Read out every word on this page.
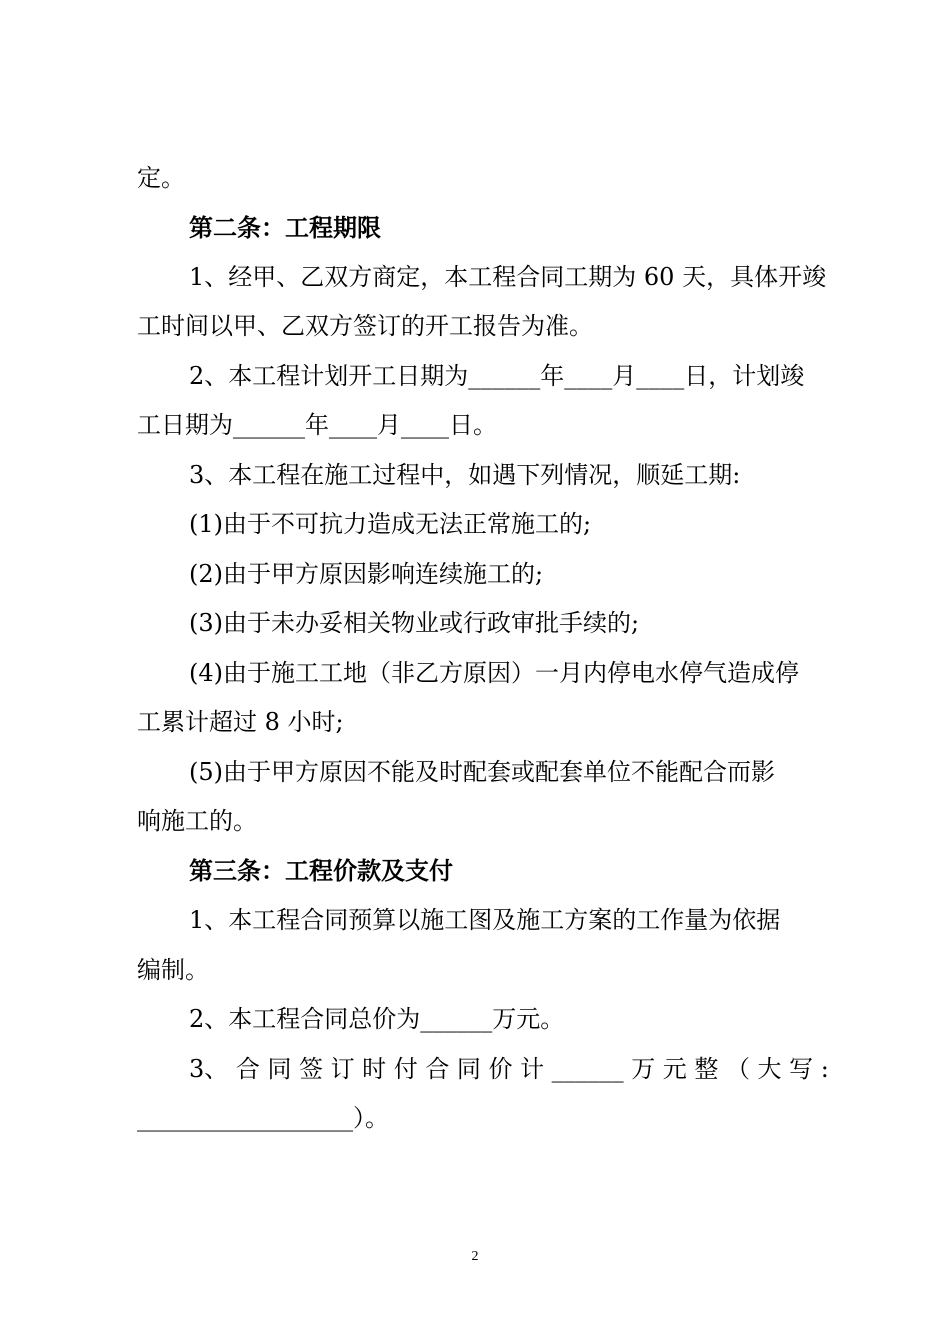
定。
第二条：工程期限
1、经甲、乙双方商定，本工程合同工期为 60 天，具体开竣
工时间以甲、乙双方签订的开工报告为准。
2、本工程计划开工日期为______年____月____日，计划竣
工日期为______年____月____日。
3、本工程在施工过程中，如遇下列情况，顺延工期:
(1)由于不可抗力造成无法正常施工的;
(2)由于甲方原因影响连续施工的;
(3)由于未办妥相关物业或行政审批手续的;
(4)由于施工工地（非乙方原因）一月内停电水停气造成停
工累计超过 8 小时;
(5)由于甲方原因不能及时配套或配套单位不能配合而影
响施工的。
第三条：工程价款及支付
1、本工程合同预算以施工图及施工方案的工作量为依据
编制。
2、本工程合同总价为______万元。
3、 合 同 签 订 时 付 合 同 价 计 ______ 万 元 整 （ 大 写 :
__________________）。
2
